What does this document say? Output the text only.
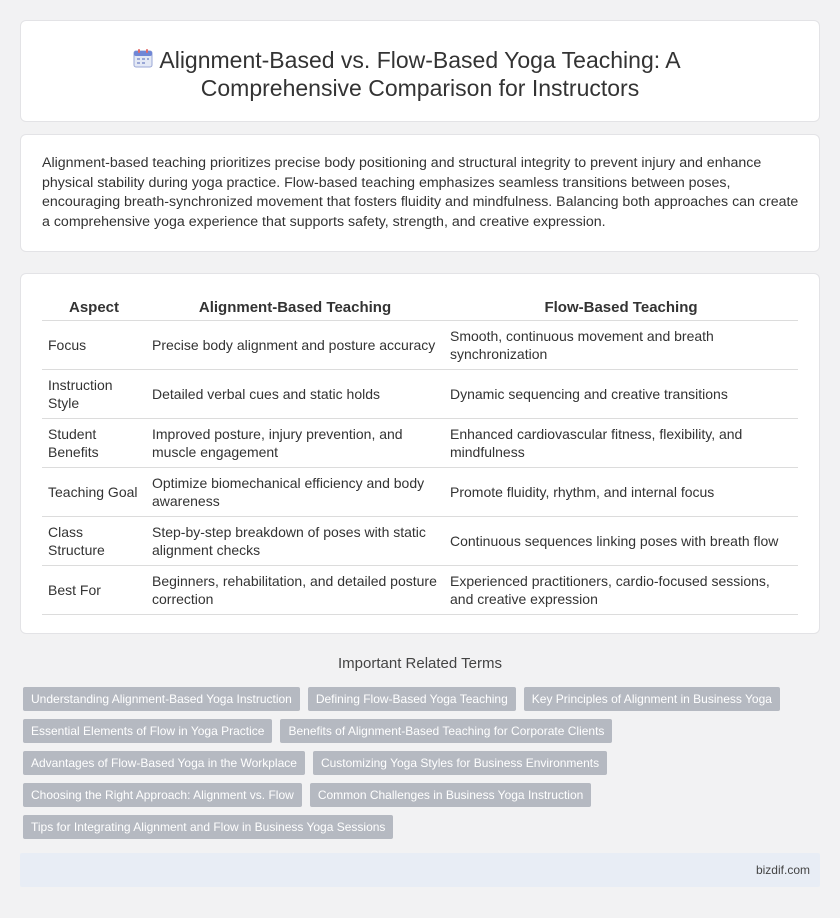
Alignment-Based vs. Flow-Based Yoga Teaching: A
Comprehensive Comparison for Instructors

Alignment-based teaching prioritizes precise body positioning and structural integrity to prevent injury and enhance physical stability during yoga practice. Flow-based teaching emphasizes seamless transitions between poses, encouraging breath-synchronized movement that fosters fluidity and mindfulness. Balancing both approaches can create a comprehensive yoga experience that supports safety, strength, and creative expression.

Aspect	Alignment-Based Teaching	Flow-Based Teaching
Focus	Precise body alignment and posture accuracy	Smooth, continuous movement and breath synchronization
Instruction Style	Detailed verbal cues and static holds	Dynamic sequencing and creative transitions
Student Benefits	Improved posture, injury prevention, and muscle engagement	Enhanced cardiovascular fitness, flexibility, and mindfulness
Teaching Goal	Optimize biomechanical efficiency and body awareness	Promote fluidity, rhythm, and internal focus
Class Structure	Step-by-step breakdown of poses with static alignment checks	Continuous sequences linking poses with breath flow
Best For	Beginners, rehabilitation, and detailed posture correction	Experienced practitioners, cardio-focused sessions, and creative expression
Important Related Terms
Understanding Alignment-Based Yoga Instruction	Defining Flow-Based Yoga Teaching	Key Principles of Alignment in Business Yoga
Essential Elements of Flow in Yoga Practice	Benefits of Alignment-Based Teaching for Corporate Clients
Advantages of Flow-Based Yoga in the Workplace	Customizing Yoga Styles for Business Environments
Choosing the Right Approach: Alignment vs. Flow	Common Challenges in Business Yoga Instruction
Tips for Integrating Alignment and Flow in Business Yoga Sessions
bizdif.com
